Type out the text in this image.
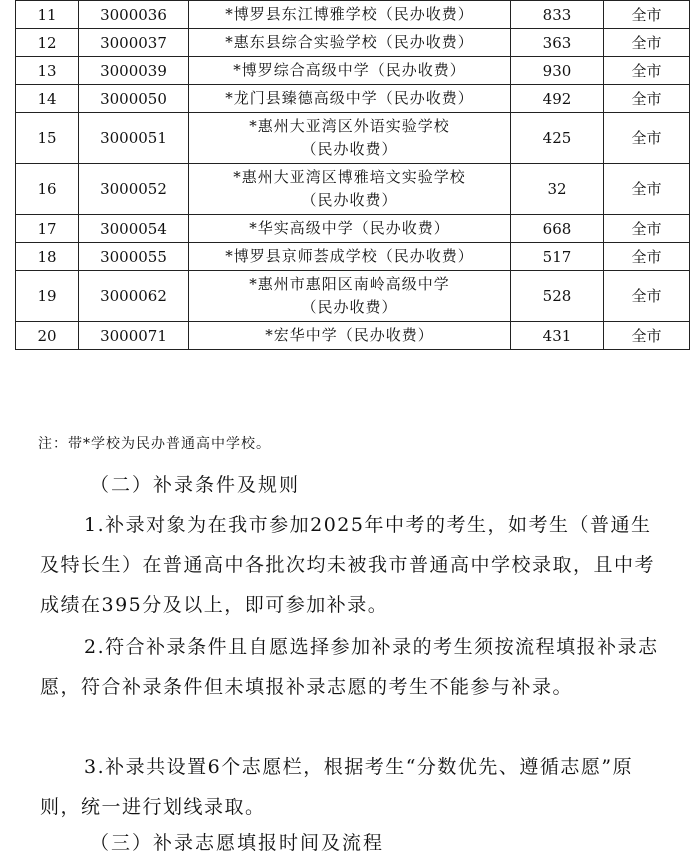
11	3000036	*博罗县东江博雅学校（民办收费）	833	全市
12	3000037	*惠东县综合实验学校（民办收费）	363	全市
13	3000039	*博罗综合高级中学（民办收费）	930	全市
14	3000050	*龙门县臻德高级中学（民办收费）	492	全市
15	3000051	*惠州大亚湾区外语实验学校
（民办收费）	425	全市
16	3000052	*惠州大亚湾区博雅培文实验学校
（民办收费）	32	全市
17	3000054	*华实高级中学（民办收费）	668	全市
18	3000055	*博罗县京师荟成学校（民办收费）	517	全市
19	3000062	*惠州市惠阳区南岭高级中学
（民办收费）	528	全市
20	3000071	*宏华中学（民办收费）	431	全市
注：带*学校为民办普通高中学校。
（二）补录条件及规则

1.补录对象为在我市参加2025年中考的考生，如考生（普通生及特长生）在普通高中各批次均未被我市普通高中学校录取，且中考成绩在395分及以上，即可参加补录。

2.符合补录条件且自愿选择参加补录的考生须按流程填报补录志愿，符合补录条件但未填报补录志愿的考生不能参与补录。

3.补录共设置6个志愿栏，根据考生“分数优先、遵循志愿”原则，统一进行划线录取。

（三）补录志愿填报时间及流程
